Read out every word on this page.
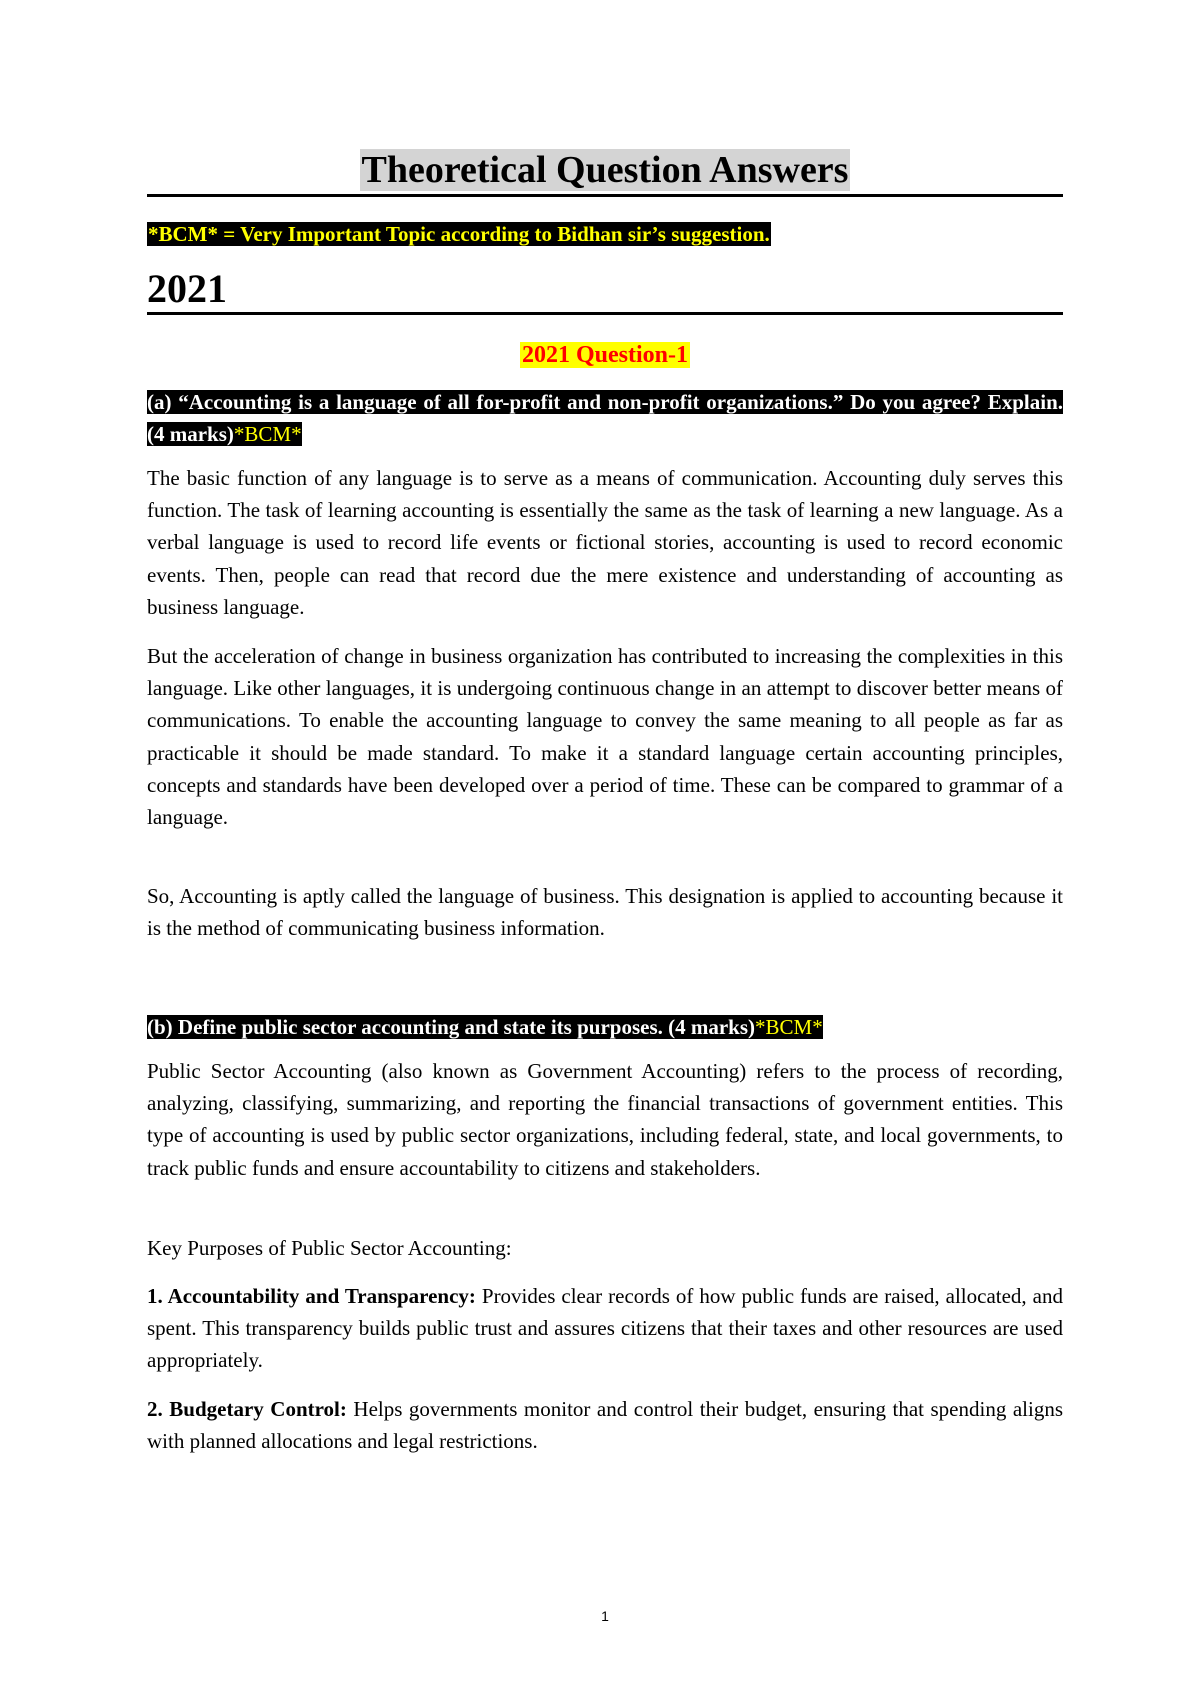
Theoretical Question Answers
*BCM* = Very Important Topic according to Bidhan sir’s suggestion.
2021
2021 Question-1
(a) “Accounting is a language of all for-profit and non-profit organizations.” Do you agree? Explain. (4 marks)*BCM*
The basic function of any language is to serve as a means of communication. Accounting duly serves this function. The task of learning accounting is essentially the same as the task of learning a new language. As a verbal language is used to record life events or fictional stories, accounting is used to record economic events. Then, people can read that record due the mere existence and understanding of accounting as business language.
But the acceleration of change in business organization has contributed to increasing the complexities in this language. Like other languages, it is undergoing continuous change in an attempt to discover better means of communications. To enable the accounting language to convey the same meaning to all people as far as practicable it should be made standard. To make it a standard language certain accounting principles, concepts and standards have been developed over a period of time. These can be compared to grammar of a language.
So, Accounting is aptly called the language of business. This designation is applied to accounting because it is the method of communicating business information.
(b) Define public sector accounting and state its purposes. (4 marks)*BCM*
Public Sector Accounting (also known as Government Accounting) refers to the process of recording, analyzing, classifying, summarizing, and reporting the financial transactions of government entities. This type of accounting is used by public sector organizations, including federal, state, and local governments, to track public funds and ensure accountability to citizens and stakeholders.
Key Purposes of Public Sector Accounting:
1. Accountability and Transparency: Provides clear records of how public funds are raised, allocated, and spent. This transparency builds public trust and assures citizens that their taxes and other resources are used appropriately.
2. Budgetary Control: Helps governments monitor and control their budget, ensuring that spending aligns with planned allocations and legal restrictions.
1
